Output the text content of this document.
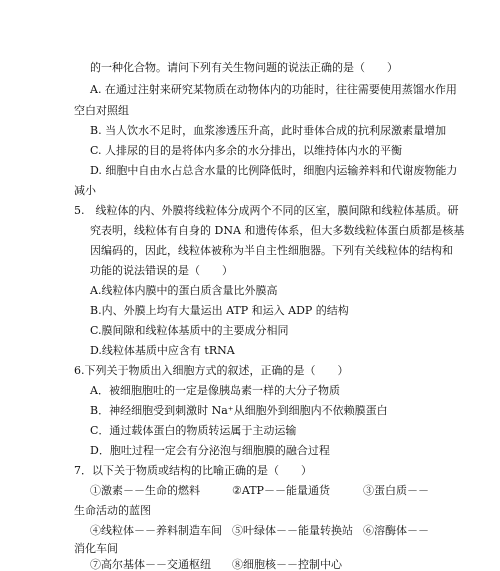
的一种化合物。请问下列有关生物问题的说法正确的是（　　）
A. 在通过注射来研究某物质在动物体内的功能时，往往需要使用蒸馏水作用
空白对照组
B. 当人饮水不足时，血浆渗透压升高，此时垂体合成的抗利尿激素量增加
C. 人排尿的目的是将体内多余的水分排出，以维持体内水的平衡
D. 细胞中自由水占总含水量的比例降低时，细胞内运输养料和代谢废物能力
减小
5.　线粒体的内、外膜将线粒体分成两个不同的区室，膜间隙和线粒体基质。研
究表明，线粒体有自身的 DNA 和遗传体系，但大多数线粒体蛋白质都是核基
因编码的，因此，线粒体被称为半自主性细胞器。下列有关线粒体的结构和
功能的说法错误的是（　　）
A.线粒体内膜中的蛋白质含量比外膜高
B.内、外膜上均有大量运出 ATP 和运入 ADP 的结构
C.膜间隙和线粒体基质中的主要成分相同
D.线粒体基质中应含有 tRNA
6.下列关于物质出入细胞方式的叙述，正确的是（　　）
A．被细胞胞吐的一定是像胰岛素一样的大分子物质
B．神经细胞受到刺激时 Na⁺从细胞外到细胞内不依赖膜蛋白
C．通过载体蛋白的物质转运属于主动运输
D．胞吐过程一定会有分泌泡与细胞膜的融合过程
7．以下关于物质或结构的比喻正确的是（　　）
①激素－－生命的燃料	②ATP－－能量通货	③蛋白质－－
生命活动的蓝图
④线粒体－－养料制造车间 ⑤叶绿体－－能量转换站 ⑥溶酶体－－
消化车间
⑦高尔基体－－交通枢纽 ⑧细胞核－－控制中心
